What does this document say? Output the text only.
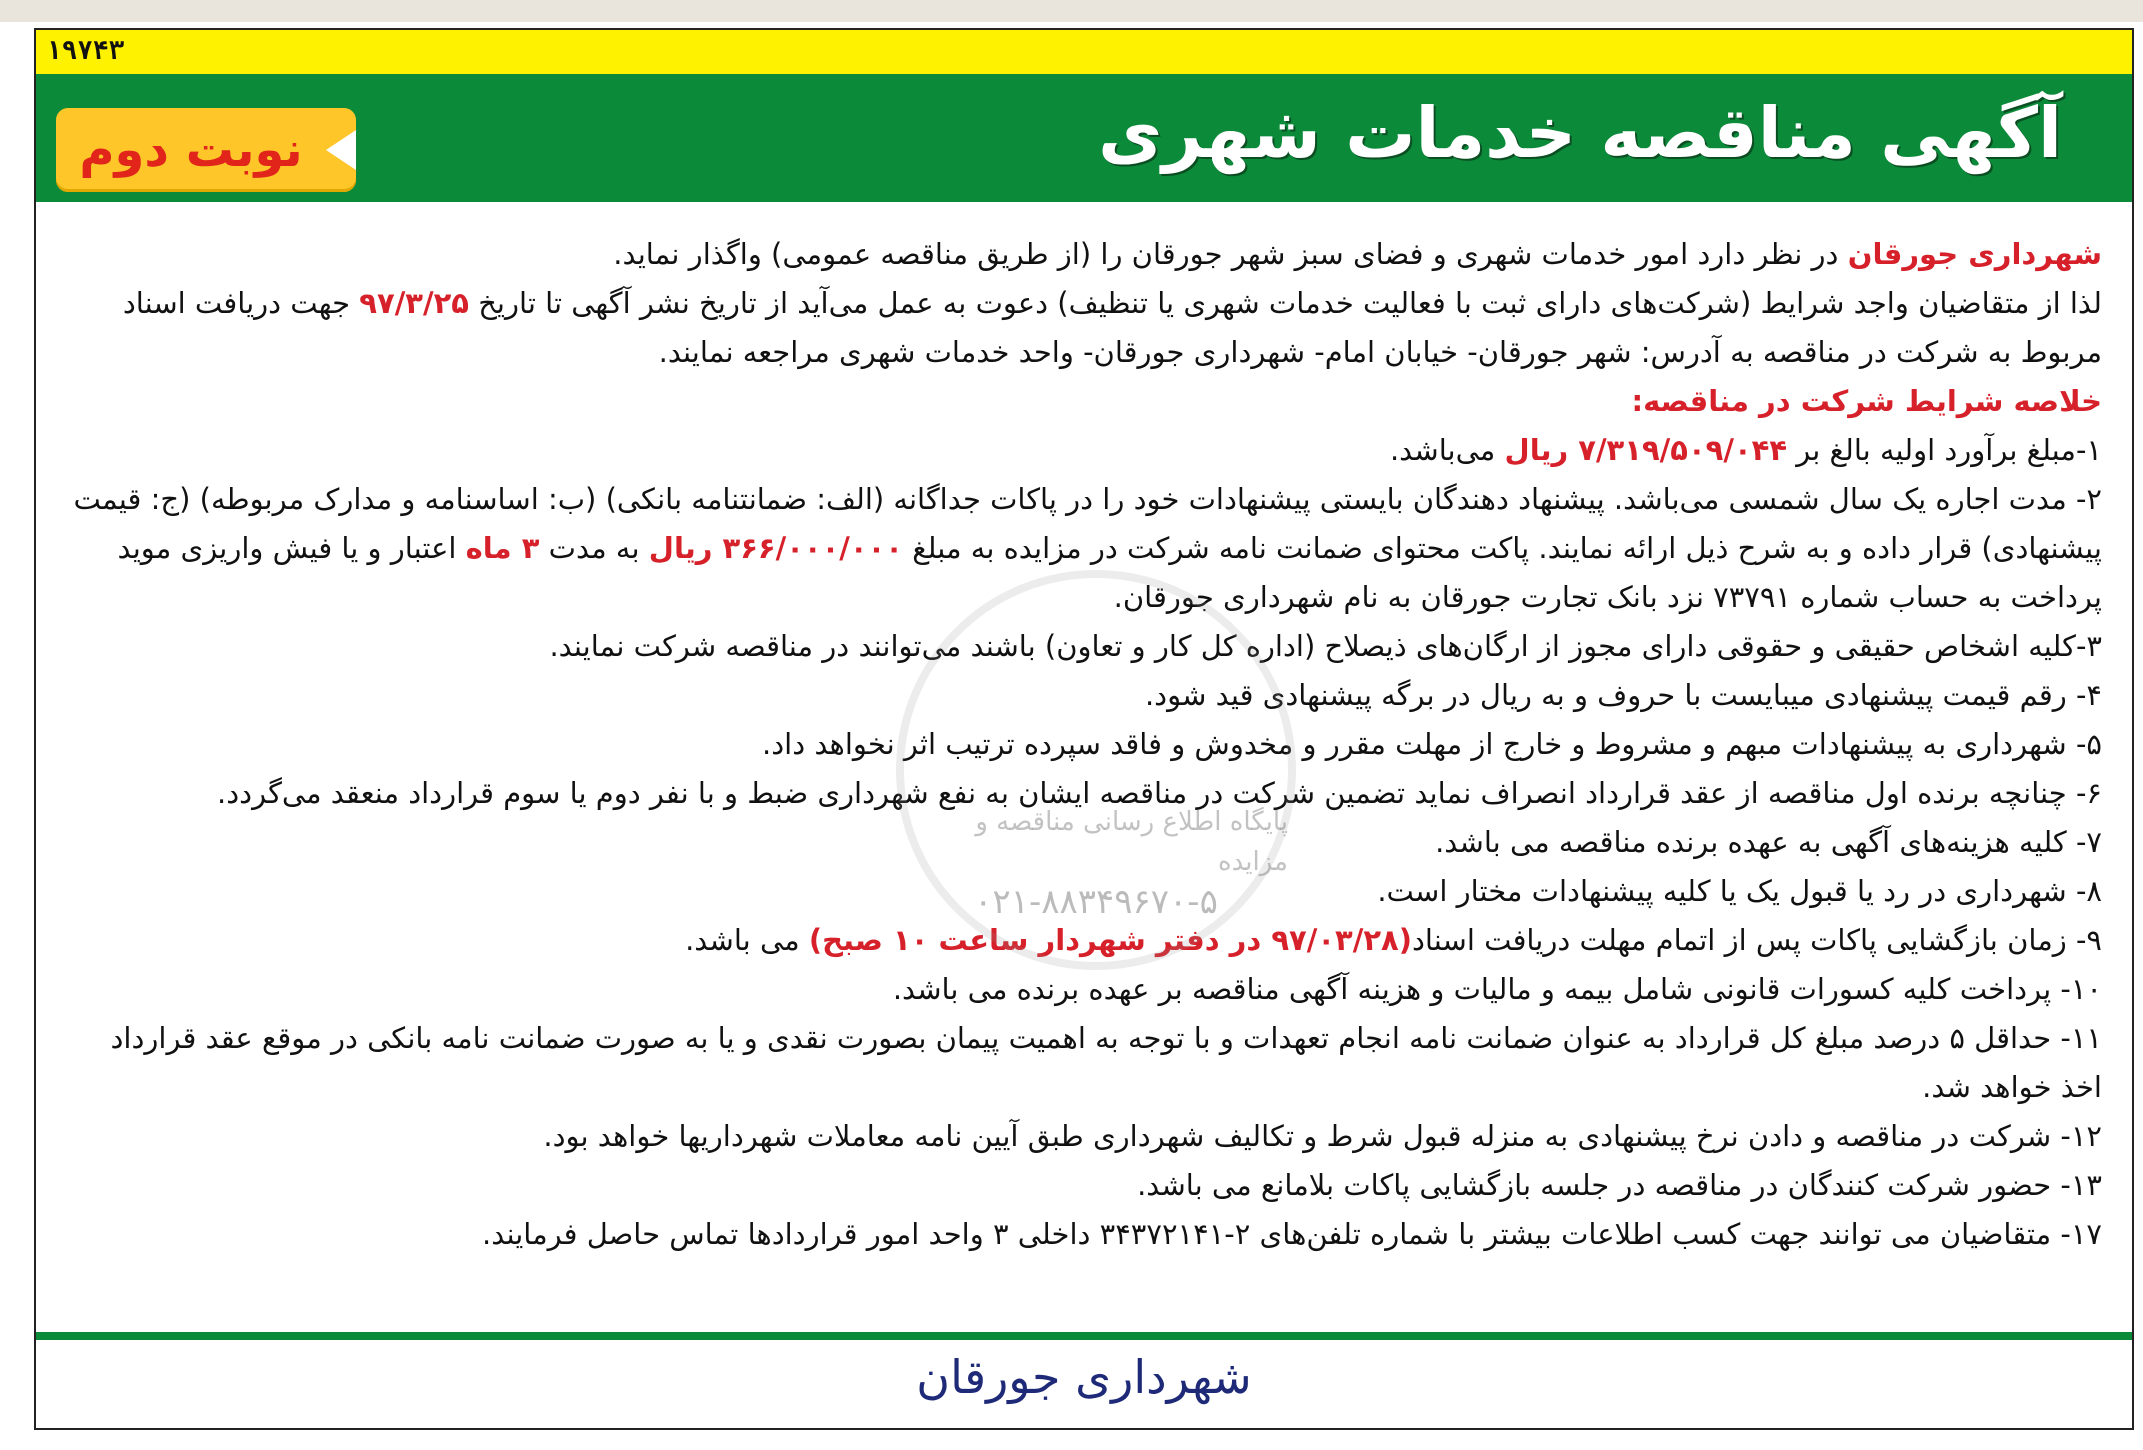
۱۹۷۴۳
آگهی مناقصه خدمات شهری
نوبت دوم

شهرداری جورقان در نظر دارد امور خدمات شهری و فضای سبز شهر جورقان را (از طریق مناقصه عمومی) واگذار نماید.
لذا از متقاضیان واجد شرایط (شرکت‌های دارای ثبت با فعالیت خدمات شهری یا تنظیف) دعوت به عمل می‌آید از تاریخ نشر آگهی تا تاریخ ۹۷/۳/۲۵ جهت دریافت اسناد مربوط به شرکت در مناقصه به آدرس: شهر جورقان- خیابان امام- شهرداری جورقان- واحد خدمات شهری مراجعه نمایند.

خلاصه شرایط شرکت در مناقصه:

۱-مبلغ برآورد اولیه بالغ بر ۷/۳۱۹/۵۰۹/۰۴۴ ریال می‌باشد.

۲- مدت اجاره یک سال شمسی می‌باشد. پیشنهاد دهندگان بایستی پیشنهادات خود را در پاکات جداگانه (الف: ضمانتنامه بانکی) (ب: اساسنامه و مدارک مربوطه) (ج: قیمت پیشنهادی) قرار داده و به شرح ذیل ارائه نمایند. پاکت محتوای ضمانت نامه شرکت در مزایده به مبلغ ۳۶۶/۰۰۰/۰۰۰ ریال به مدت ۳ ماه اعتبار و یا فیش واریزی موید پرداخت به حساب شماره ۷۳۷۹۱ نزد بانک تجارت جورقان به نام شهرداری جورقان.

۳-کلیه اشخاص حقیقی و حقوقی دارای مجوز از ارگان‌های ذیصلاح (اداره کل کار و تعاون) باشند می‌توانند در مناقصه شرکت نمایند.

۴- رقم قیمت پیشنهادی میبایست با حروف و به ریال در برگه پیشنهادی قید شود.

۵- شهرداری به پیشنهادات مبهم و مشروط و خارج از مهلت مقرر و مخدوش و فاقد سپرده ترتیب اثر نخواهد داد.

۶- چنانچه برنده اول مناقصه از عقد قرارداد انصراف نماید تضمین شرکت در مناقصه ایشان به نفع شهرداری ضبط و با نفر دوم یا سوم قرارداد منعقد می‌گردد.

۷- کلیه هزینه‌های آگهی به عهده برنده مناقصه می باشد.

۸- شهرداری در رد یا قبول یک یا کلیه پیشنهادات مختار است.

۹- زمان بازگشایی پاکات پس از اتمام مهلت دریافت اسناد(۹۷/۰۳/۲۸ در دفتر شهردار ساعت ۱۰ صبح) می باشد.

۱۰- پرداخت کلیه کسورات قانونی شامل بیمه و مالیات و هزینه آگهی مناقصه بر عهده برنده می باشد.

۱۱- حداقل ۵ درصد مبلغ کل قرارداد به عنوان ضمانت نامه انجام تعهدات و با توجه به اهمیت پیمان بصورت نقدی و یا به صورت ضمانت نامه بانکی در موقع عقد قرارداد اخذ خواهد شد.

۱۲- شرکت در مناقصه و دادن نرخ پیشنهادی به منزله قبول شرط و تکالیف شهرداری طبق آیین نامه معاملات شهرداریها خواهد بود.

۱۳- حضور شرکت کنندگان در مناقصه در جلسه بازگشایی پاکات بلامانع می باشد.

۱۷- متقاضیان می توانند جهت کسب اطلاعات بیشتر با شماره تلفن‌های ۲-۳۴۳۷۲۱۴۱ داخلی ۳ واحد امور قراردادها تماس حاصل فرمایند.

پایگاه اطلاع رسانی مناقصه و مزایده
۰۲۱-۸۸۳۴۹۶۷۰-۵
شهرداری جورقان
